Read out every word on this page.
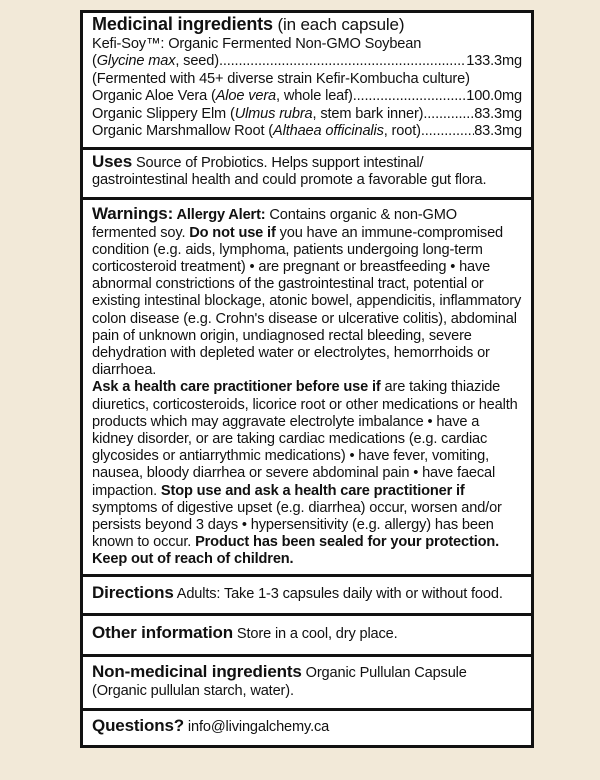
Medicinal ingredients (in each capsule)
Kefi-Soy™: Organic Fermented Non-GMO Soybean
(Glycine max, seed) .....	133.3mg
(Fermented with 45+ diverse strain Kefir-Kombucha culture)
Organic Aloe Vera (Aloe vera, whole leaf) .....	100.0mg
Organic Slippery Elm (Ulmus rubra, stem bark inner) .....	83.3mg
Organic Marshmallow Root (Althaea officinalis, root) .....	83.3mg
Uses Source of Probiotics. Helps support intestinal/ gastrointestinal health and could promote a favorable gut flora.
Warnings: Allergy Alert: Contains organic & non-GMO fermented soy. Do not use if you have an immune-compromised condition (e.g. aids, lymphoma, patients undergoing long-term corticosteroid treatment) • are pregnant or breastfeeding • have abnormal constrictions of the gastrointestinal tract, potential or existing intestinal blockage, atonic bowel, appendicitis, inflammatory colon disease (e.g. Crohn's disease or ulcerative colitis), abdominal pain of unknown origin, undiagnosed rectal bleeding, severe dehydration with depleted water or electrolytes, hemorrhoids or diarrhoea.
Ask a health care practitioner before use if are taking thiazide diuretics, corticosteroids, licorice root or other medications or health products which may aggravate electrolyte imbalance • have a kidney disorder, or are taking cardiac medications (e.g. cardiac glycosides or antiarrythmic medications) • have fever, vomiting, nausea, bloody diarrhea or severe abdominal pain • have faecal impaction. Stop use and ask a health care practitioner if symptoms of digestive upset (e.g. diarrhea) occur, worsen and/or persists beyond 3 days • hypersensitivity (e.g. allergy) has been known to occur. Product has been sealed for your protection. Keep out of reach of children.
Directions Adults: Take 1-3 capsules daily with or without food.
Other information Store in a cool, dry place.
Non-medicinal ingredients Organic Pullulan Capsule (Organic pullulan starch, water).
Questions? info@livingalchemy.ca
